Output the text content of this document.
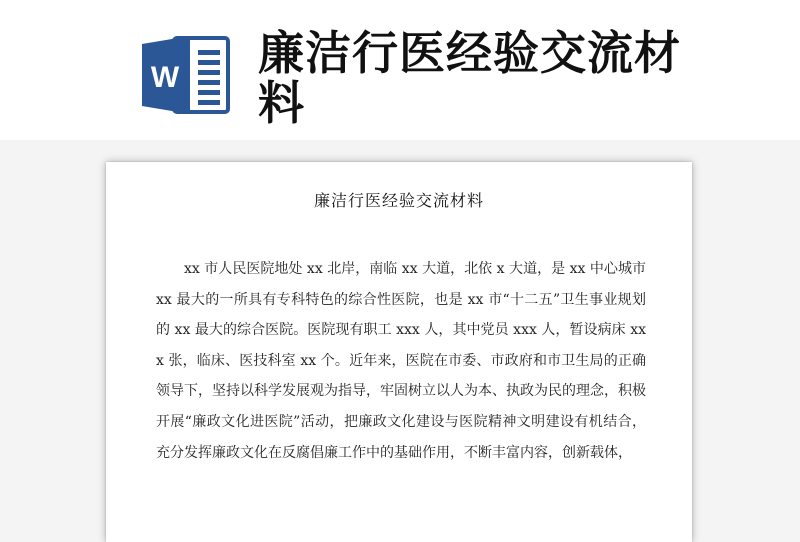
W 廉洁行医经验交流材料
廉洁行医经验交流材料
xx 市人民医院地处 xx 北岸，南临 xx 大道，北依 x 大道，是 xx 中心城市 xx 最大的一所具有专科特色的综合性医院，也是 xx 市“十二五”卫生事业规划的 xx 最大的综合医院。医院现有职工 xxx 人，其中党员 xxx 人，暂设病床 xxx 张，临床、医技科室 xx 个。近年来，医院在市委、市政府和市卫生局的正确领导下，坚持以科学发展观为指导，牢固树立以人为本、执政为民的理念，积极开展“廉政文化进医院”活动，把廉政文化建设与医院精神文明建设有机结合，充分发挥廉政文化在反腐倡廉工作中的基础作用，不断丰富内容，创新载体，
